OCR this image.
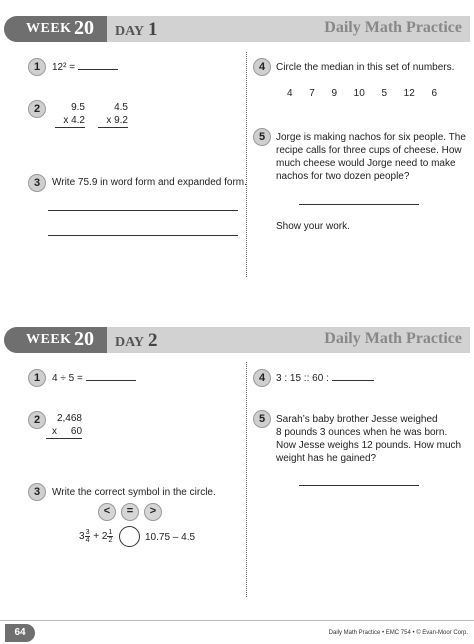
WEEK 20 DAY 1	Daily Math Practice
1	12² =
2	9.5
x 4.2
4.5
x 9.2
3	Write 75.9 in word form and expanded form.
4	Circle the median in this set of numbers.
4 7 9 10 5 12 6
5	Jorge is making nachos for six people. The
recipe calls for three cups of cheese. How
much cheese would Jorge need to make
nachos for two dozen people?
Show your work.
WEEK 20 DAY 2	Daily Math Practice
1	4 ÷ 5 =
2	2,468
x     60
3	Write the correct symbol in the circle.
<	=	>
$3 \frac{3}{4} + 2 \frac{1}{2}$	10.75 – 4.5
4	3 : 15 :: 60 :
5	Sarah’s baby brother Jesse weighed
8 pounds 3 ounces when he was born.
Now Jesse weighs 12 pounds. How much
weight has he gained?
64	Daily Math Practice • EMC 754 • © Evan-Moor Corp.
